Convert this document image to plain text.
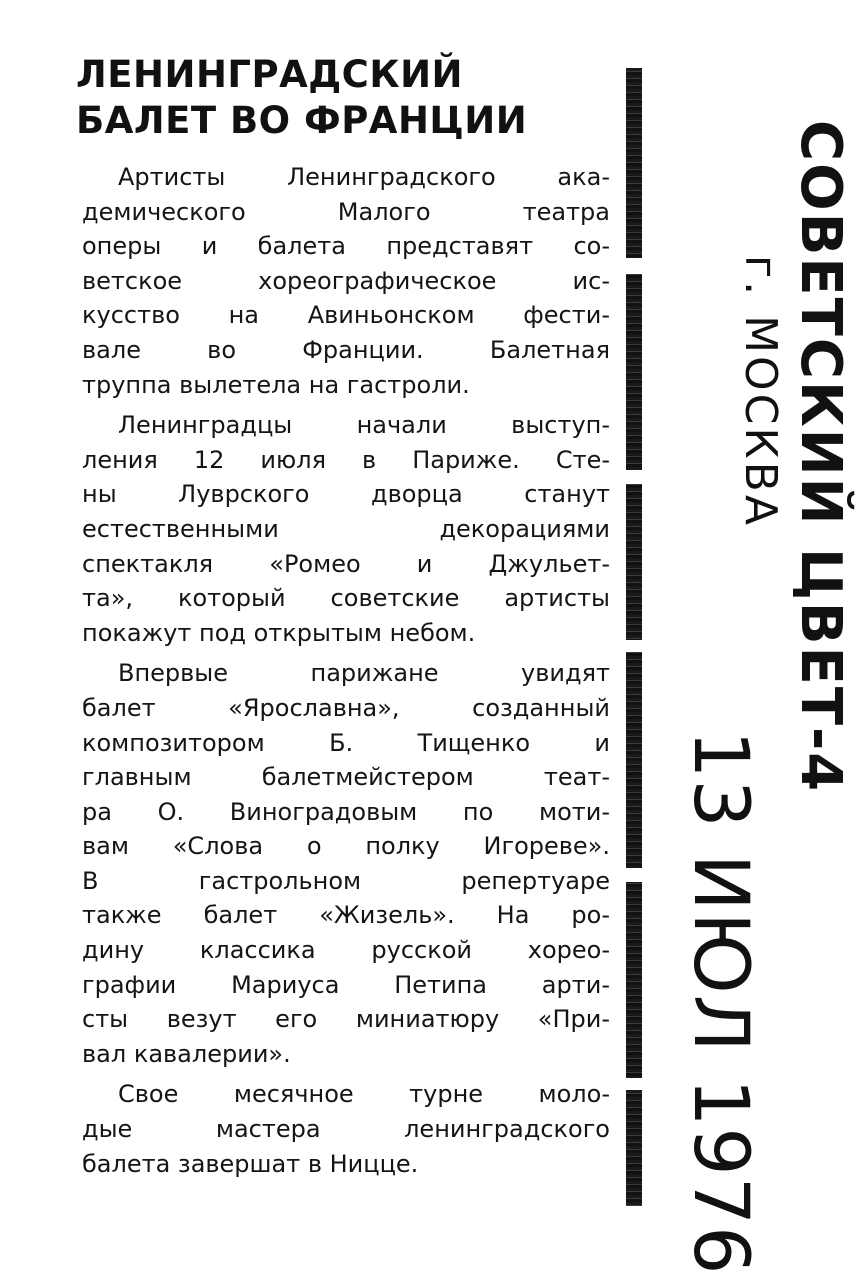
ЛЕНИНГРАДСКИЙ
БАЛЕТ ВО ФРАНЦИИ

Артисты Ленинградского ака-
демического Малого театра
оперы и балета представят со-
ветское хореографическое ис-
кусство на Авиньонском фести-
вале во Франции. Балетная
труппа вылетела на гастроли.

Ленинградцы начали выступ-
ления 12 июля в Париже. Сте-
ны Луврского дворца станут
естественными декорациями
спектакля «Ромео и Джульет-
та», который советские артисты
покажут под открытым небом.

Впервые парижане увидят
балет «Ярославна», созданный
композитором Б. Тищенко и
главным балетмейстером теат-
ра О. Виноградовым по моти-
вам «Слова о полку Игореве».
В гастрольном репертуаре
также балет «Жизель». На ро-
дину классика русской хорео-
графии Мариуса Петипа арти-
сты везут его миниатюру «При-
вал кавалерии».

Свое месячное турне моло-
дые мастера ленинградского
балета завершат в Ницце.

СОВЕТСКИЙ ЦВЕТ-4
г. МОСКВА
13 ИЮЛ 1976
